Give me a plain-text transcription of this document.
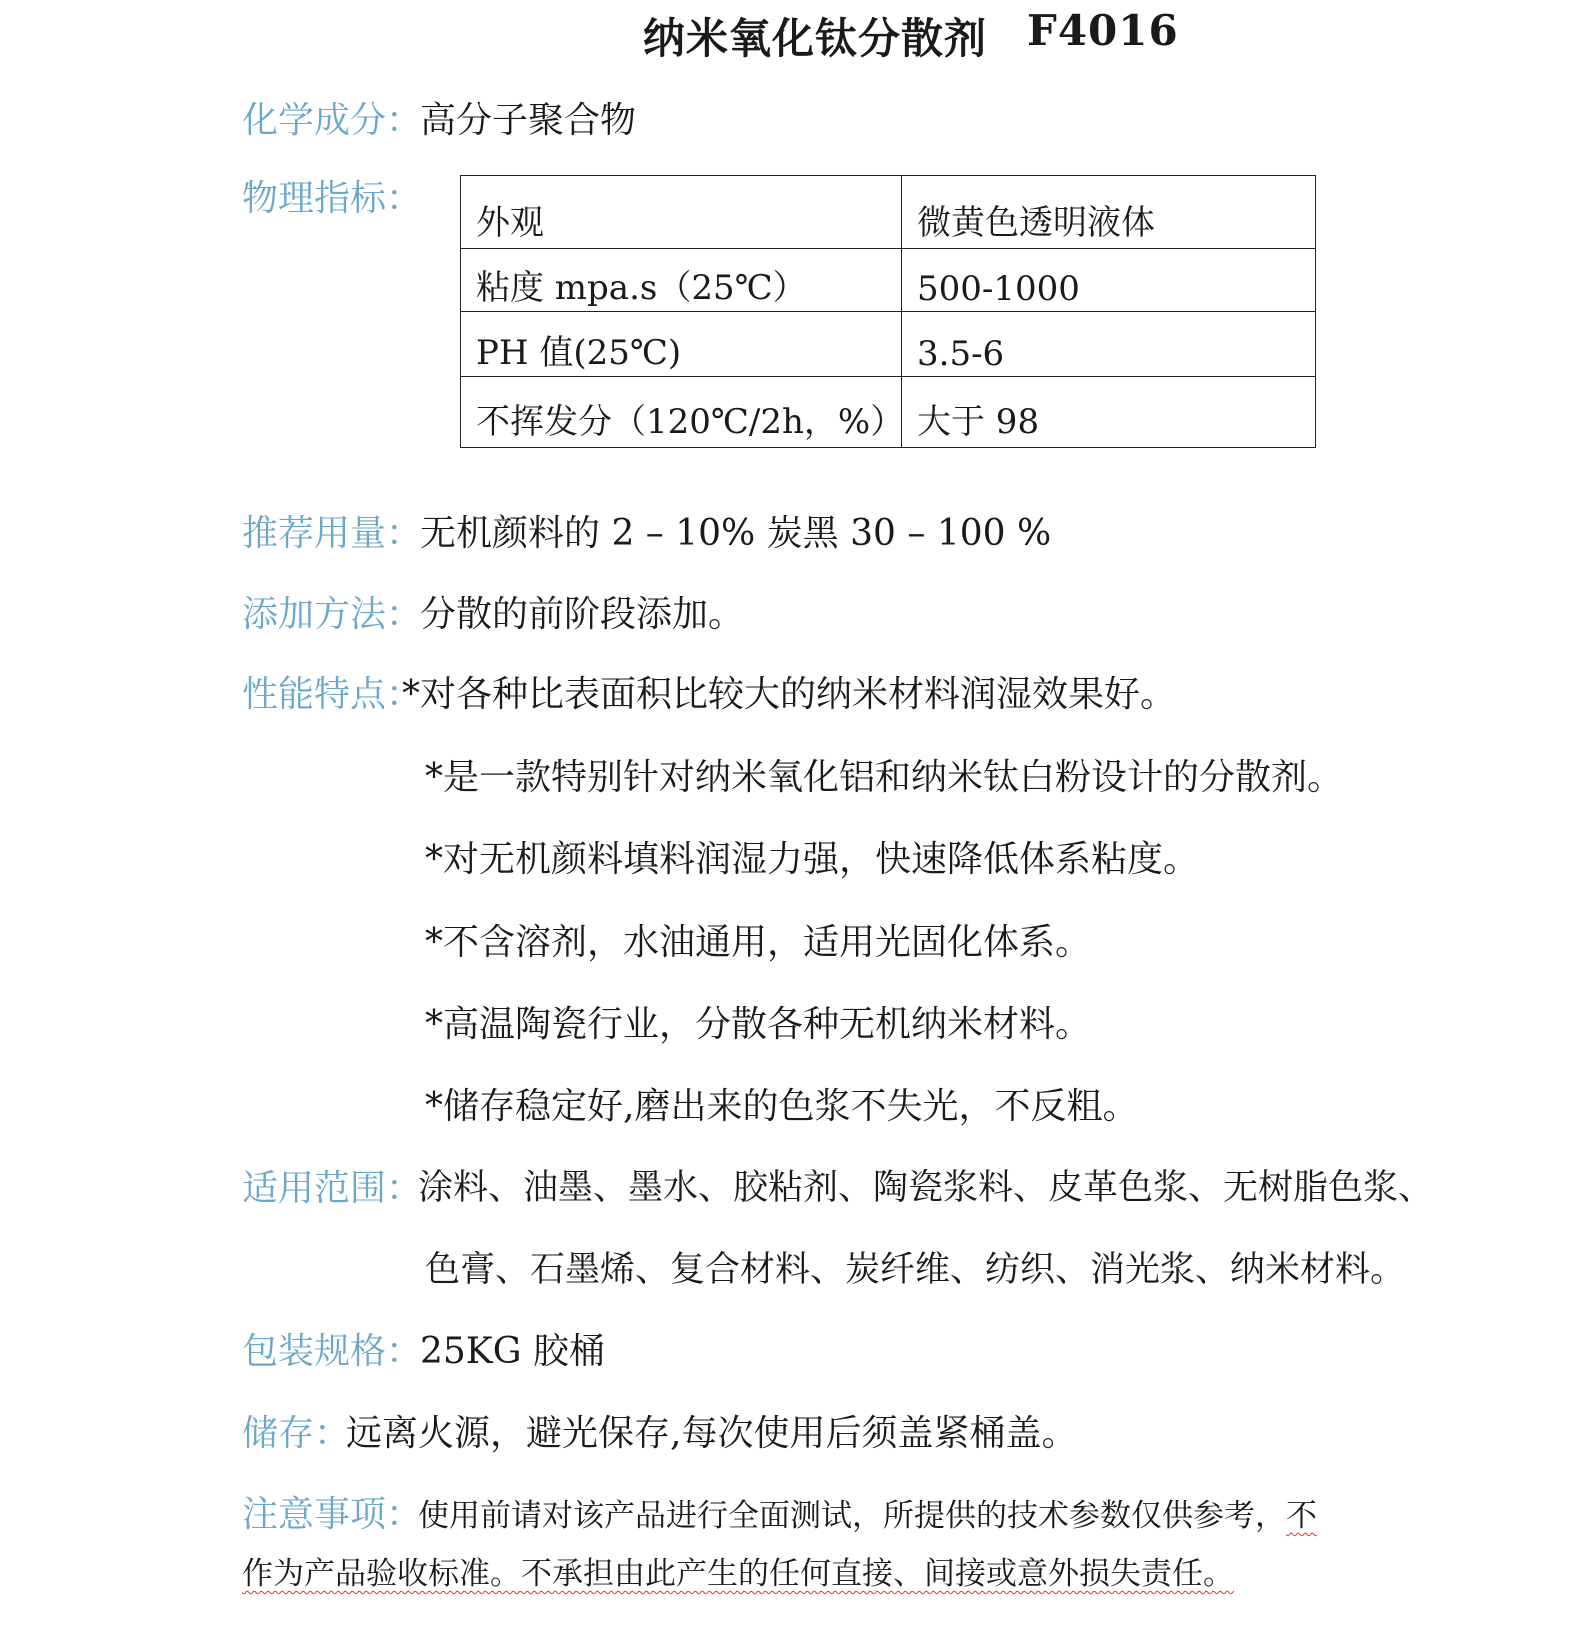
纳米氧化钛分散剂 F4016
化学成分：
高分子聚合物
物理指标：
外观	微黄色透明液体
粘度 mpa.s（25℃）	500-1000
PH 值(25℃)	3.5-6
不挥发分（120℃/2h，%）	大于 98
推荐用量：
无机颜料的 2 – 10% 炭黑 30 – 100 %
添加方法：
分散的前阶段添加。
性能特点：
*对各种比表面积比较大的纳米材料润湿效果好。
*是一款特别针对纳米氧化铝和纳米钛白粉设计的分散剂。
*对无机颜料填料润湿力强，快速降低体系粘度。
*不含溶剂，水油通用，适用光固化体系。
*高温陶瓷行业，分散各种无机纳米材料。
*储存稳定好,磨出来的色浆不失光，不反粗。
适用范围：
涂料、油墨、墨水、胶粘剂、陶瓷浆料、皮革色浆、无树脂色浆、
色膏、石墨烯、复合材料、炭纤维、纺织、消光浆、纳米材料。
包装规格：
25KG 胶桶
储存：
远离火源，避光保存,每次使用后须盖紧桶盖。
注意事项：
使用前请对该产品进行全面测试，所提供的技术参数仅供参考，不
作为产品验收标准。不承担由此产生的任何直接、间接或意外损失责任。
